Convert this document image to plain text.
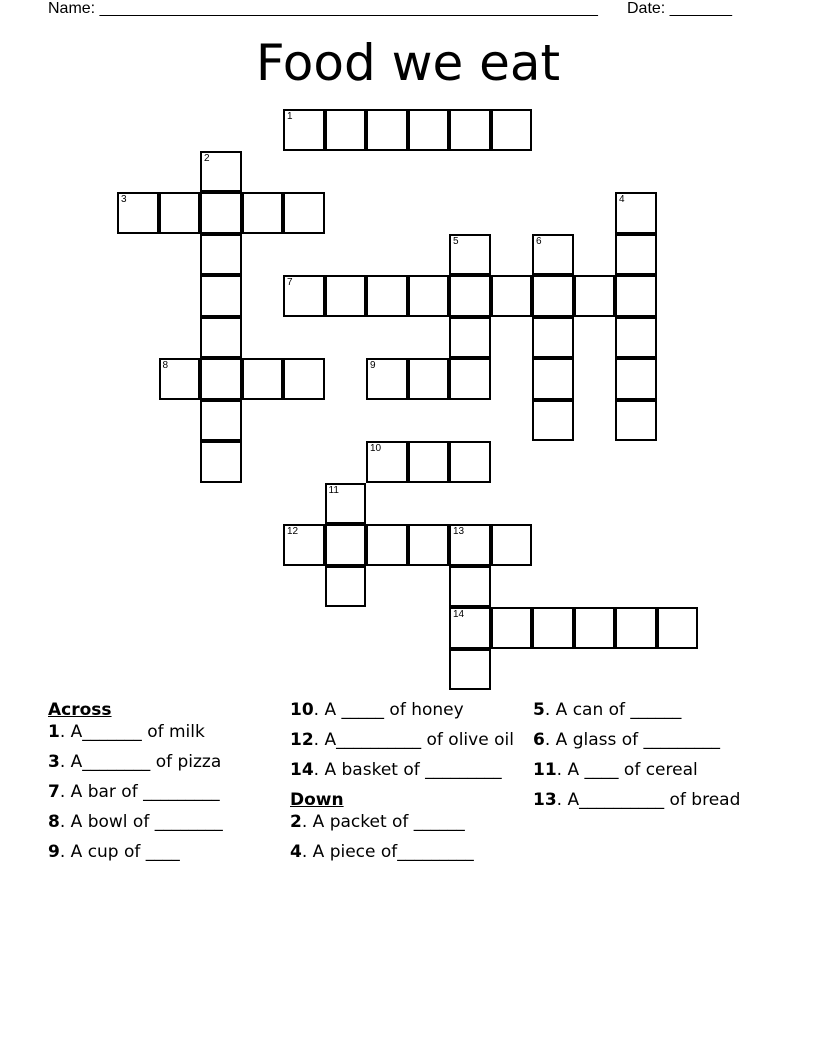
Name: ________________________________________________________ Date: _______
Food we eat
1
2
3	4
5	6
7
8	9
10
11
12	13
14
Across
1. A_______ of milk
3. A________ of pizza
7. A bar of _________
8. A bowl of ________
9. A cup of ____
10. A _____ of honey
12. A__________ of olive oil
14. A basket of _________
Down
2. A packet of ______
4. A piece of_________
5. A can of ______
6. A glass of _________
11. A ____ of cereal
13. A__________ of bread
